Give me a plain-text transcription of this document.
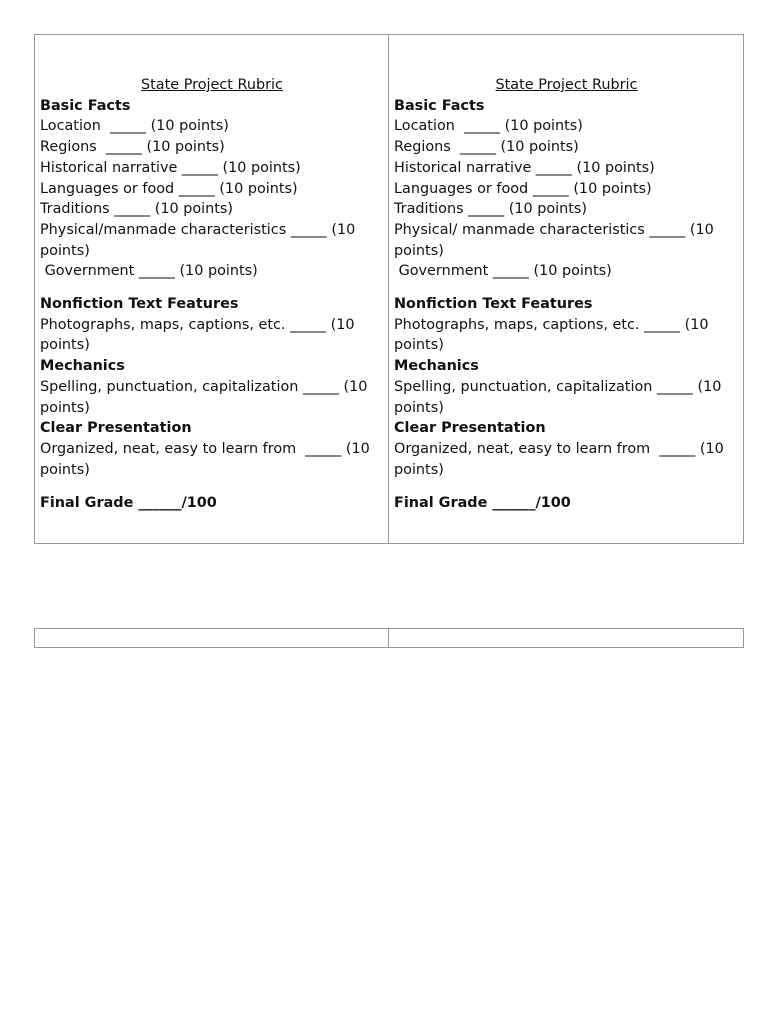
State Project Rubric

Basic Facts

Location  _____ (10 points)

Regions  _____ (10 points)

Historical narrative _____ (10 points)

Languages or food _____ (10 points)

Traditions _____ (10 points)

Physical/manmade characteristics _____ (10 points)

Government _____ (10 points)

Nonfiction Text Features

Photographs, maps, captions, etc. _____ (10 points)

Mechanics

Spelling, punctuation, capitalization _____ (10 points)

Clear Presentation

Organized, neat, easy to learn from  _____ (10 points)

Final Grade ______/100

State Project Rubric

Basic Facts

Location  _____ (10 points)

Regions  _____ (10 points)

Historical narrative _____ (10 points)

Languages or food _____ (10 points)

Traditions _____ (10 points)

Physical/ manmade characteristics _____ (10 points)

Government _____ (10 points)

Nonfiction Text Features

Photographs, maps, captions, etc. _____ (10 points)

Mechanics

Spelling, punctuation, capitalization _____ (10 points)

Clear Presentation

Organized, neat, easy to learn from  _____ (10 points)

Final Grade ______/100
